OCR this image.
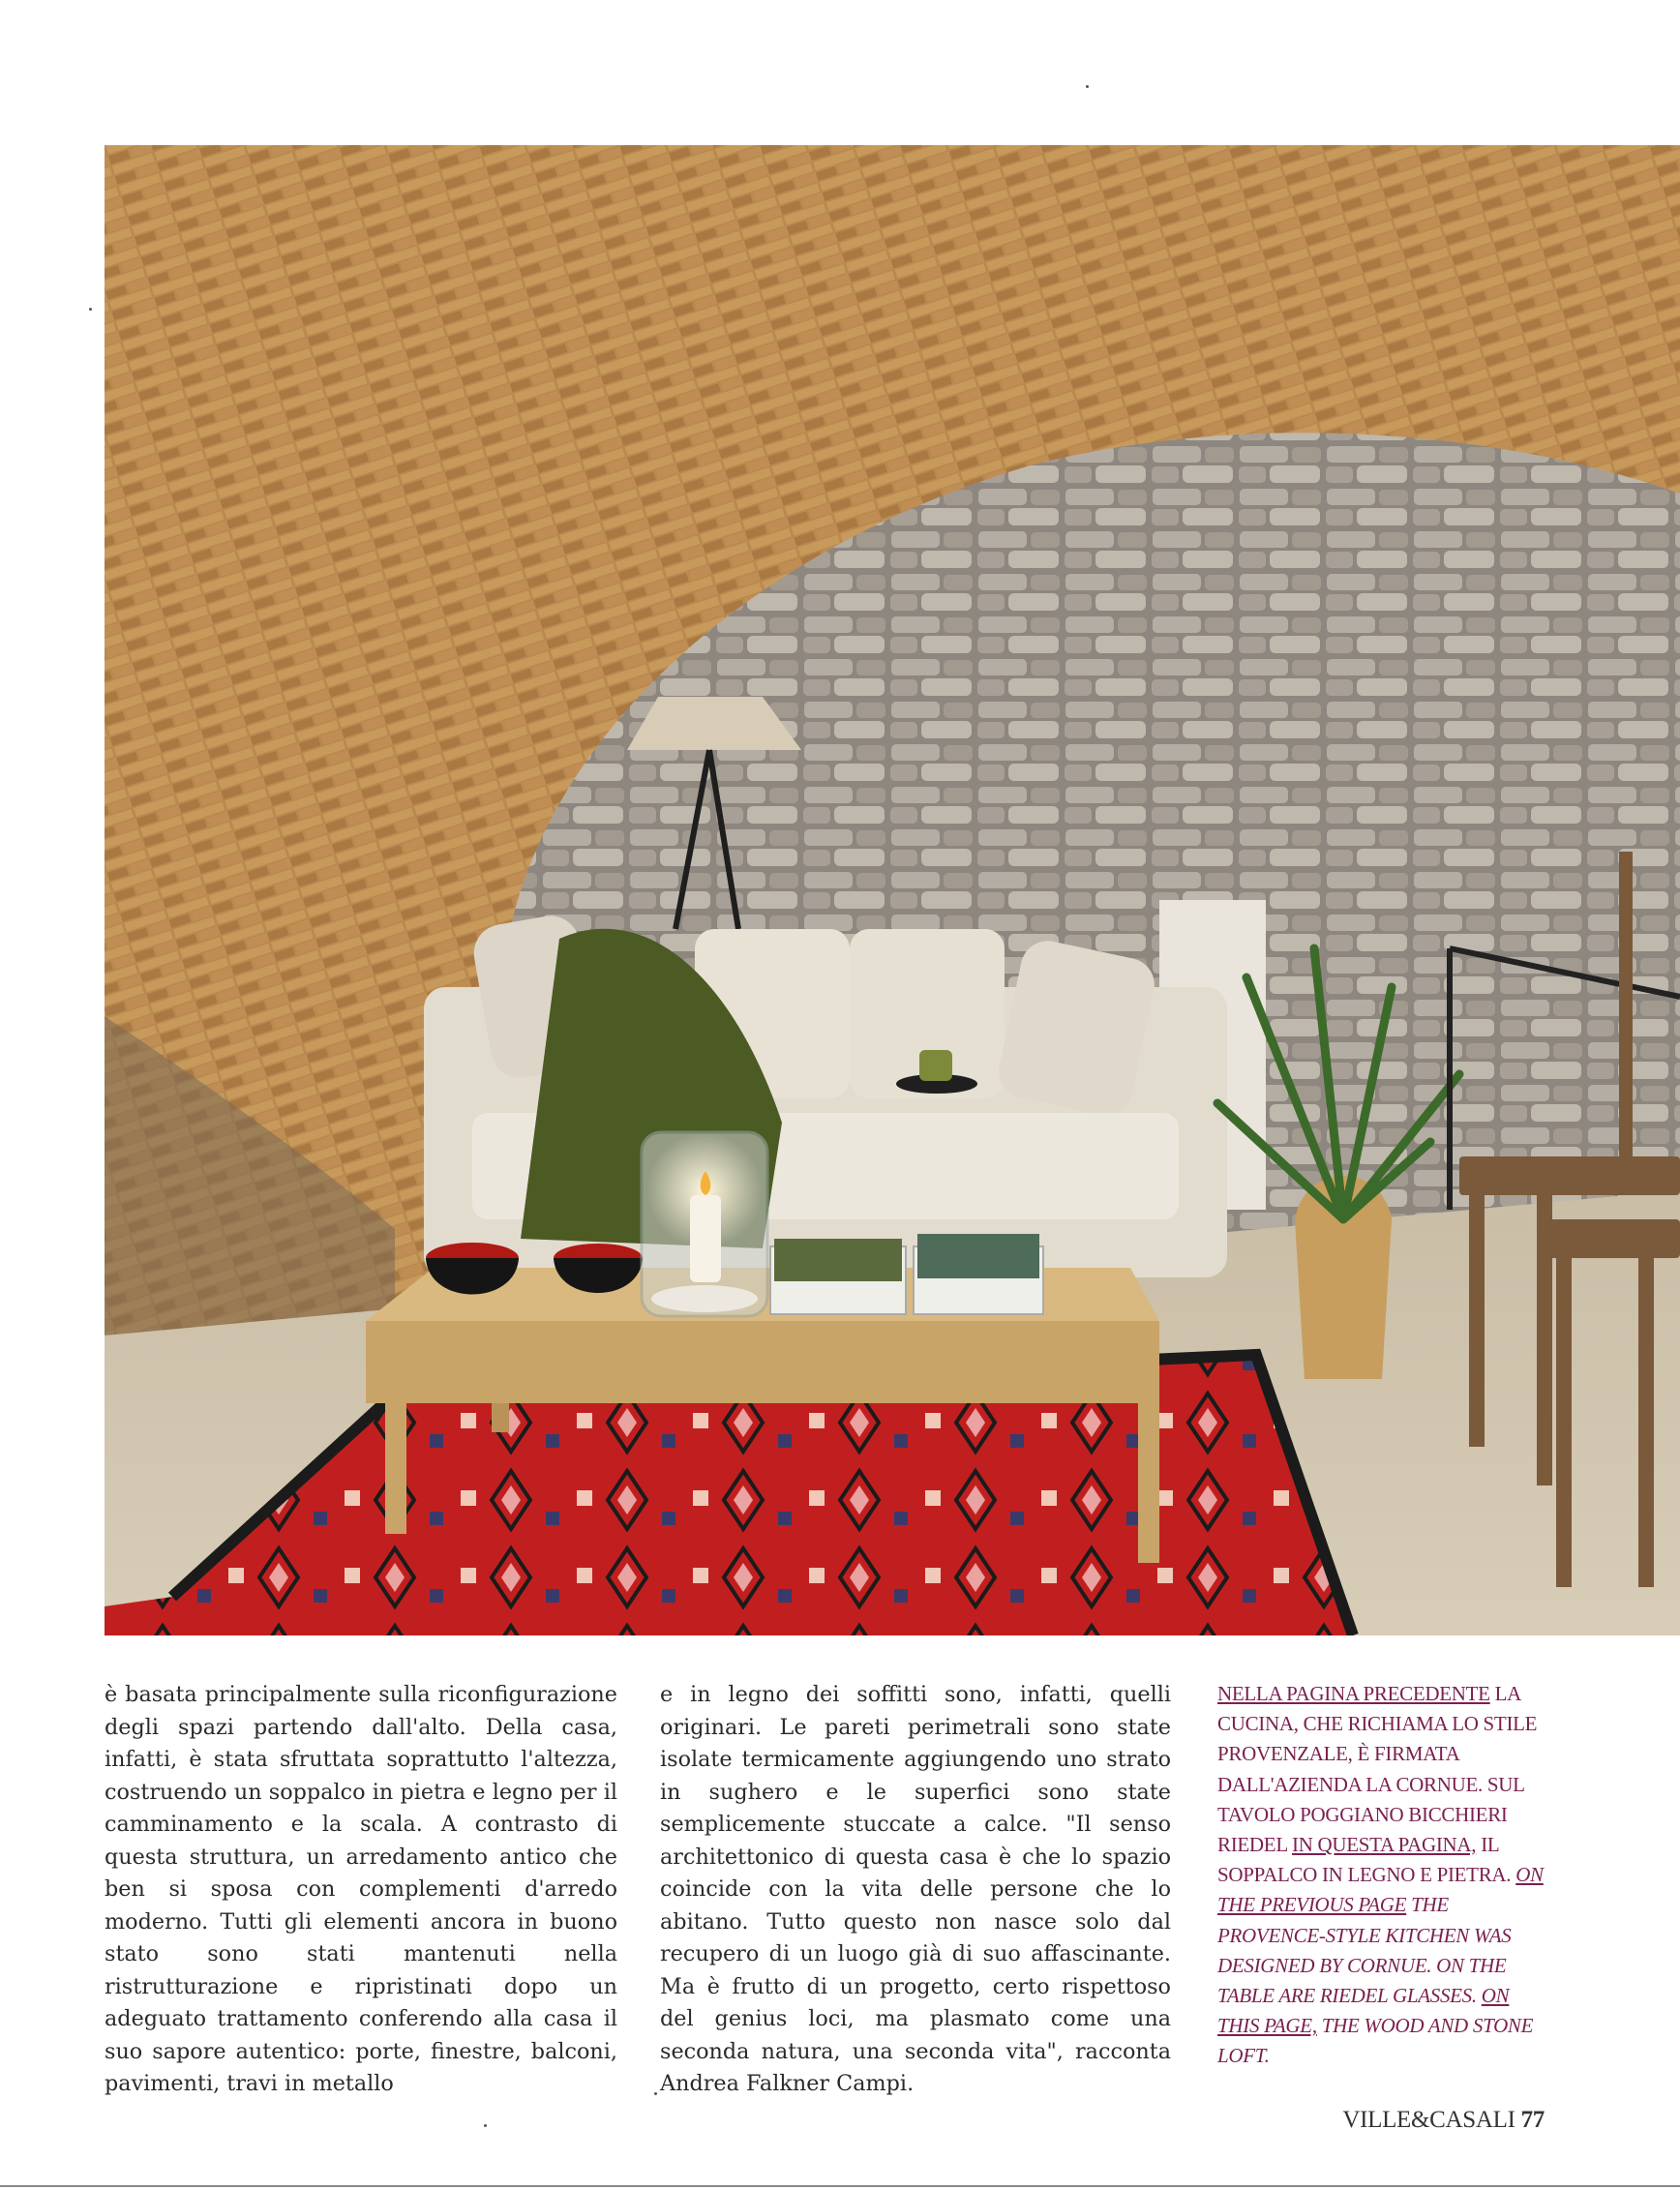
è basata principalmente sulla riconfigurazione degli spazi partendo dall'alto. Della casa, infatti, è stata sfruttata soprattutto l'altezza, costruendo un soppalco in pietra e legno per il camminamento e la scala. A contrasto di questa struttura, un arredamento antico che ben si sposa con complementi d'arredo moderno. Tutti gli elementi ancora in buono stato sono stati mantenuti nella ristrutturazione e ripristinati dopo un adeguato trattamento conferendo alla casa il suo sapore autentico: porte, finestre, balconi, pavimenti, travi in metallo

e in legno dei soffitti sono, infatti, quelli originari. Le pareti perimetrali sono state isolate termicamente aggiungendo uno strato in sughero e le superfici sono state semplicemente stuccate a calce. "Il senso architettonico di questa casa è che lo spazio coincide con la vita delle persone che lo abitano. Tutto questo non nasce solo dal recupero di un luogo già di suo affascinante. Ma è frutto di un progetto, certo rispettoso del genius loci, ma plasmato come una seconda natura, una seconda vita", racconta Andrea Falkner Campi.

NELLA PAGINA PRECEDENTE LA CUCINA, CHE RICHIAMA LO STILE PROVENZALE, È FIRMATA DALL'AZIENDA LA CORNUE. SUL TAVOLO POGGIANO BICCHIERI RIEDEL IN QUESTA PAGINA, IL SOPPALCO IN LEGNO E PIETRA. ON THE PREVIOUS PAGE THE PROVENCE-STYLE KITCHEN WAS DESIGNED BY CORNUE. ON THE TABLE ARE RIEDEL GLASSES. ON THIS PAGE, THE WOOD AND STONE LOFT.
VILLE&CASALI 77
